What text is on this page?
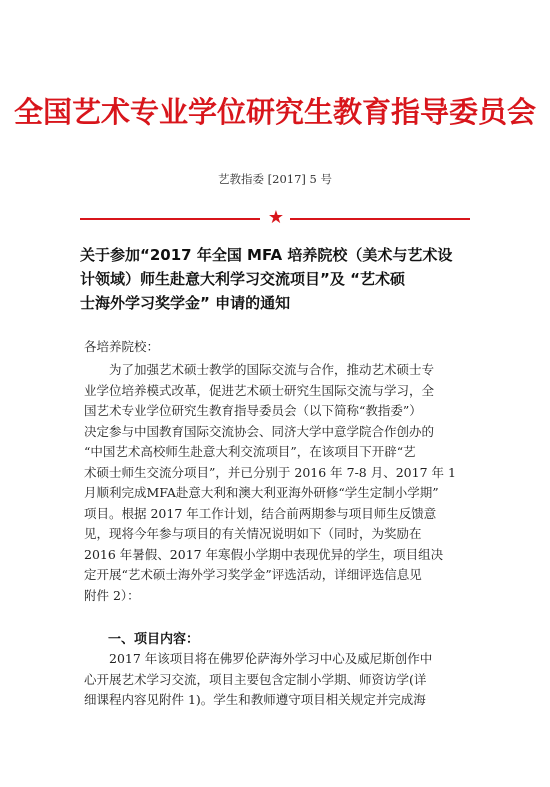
全国艺术专业学位研究生教育指导委员会
艺教指委 [2017] 5 号
★
关于参加“2017 年全国 MFA 培养院校（美术与艺术设
计领域）师生赴意大利学习交流项目”及 “艺术硕
士海外学习奖学金” 申请的通知
各培养院校：
　　为了加强艺术硕士教学的国际交流与合作，推动艺术硕士专
业学位培养模式改革，促进艺术硕士研究生国际交流与学习，全
国艺术专业学位研究生教育指导委员会（以下简称“教指委”）
决定参与中国教育国际交流协会、同济大学中意学院合作创办的
“中国艺术高校师生赴意大利交流项目”，在该项目下开辟“艺
术硕士师生交流分项目”，并已分别于 2016 年 7-8 月、2017 年 1
月顺利完成MFA赴意大利和澳大利亚海外研修“学生定制小学期”
项目。根据 2017 年工作计划，结合前两期参与项目师生反馈意
见，现将今年参与项目的有关情况说明如下（同时，为奖励在
2016 年暑假、2017 年寒假小学期中表现优异的学生，项目组决
定开展“艺术硕士海外学习奖学金”评选活动，详细评选信息见
附件 2）：
一、项目内容：
　　2017 年该项目将在佛罗伦萨海外学习中心及威尼斯创作中
心开展艺术学习交流，项目主要包含定制小学期、师资访学(详
细课程内容见附件 1)。学生和教师遵守项目相关规定并完成海
